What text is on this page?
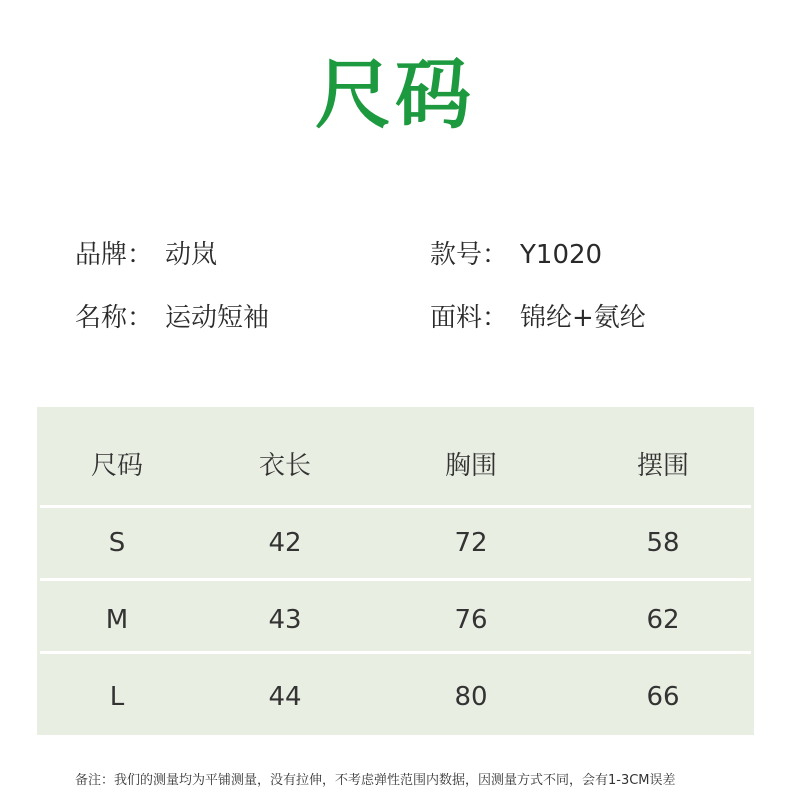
尺码
品牌： 动岚	款号： Y1020
名称： 运动短袖	面料： 锦纶+氨纶
尺码	衣长	胸围	摆围
S	42	72	58
M	43	76	62
L	44	80	66
备注：我们的测量均为平铺测量，没有拉伸，不考虑弹性范围内数据，因测量方式不同，会有1-3CM误差
